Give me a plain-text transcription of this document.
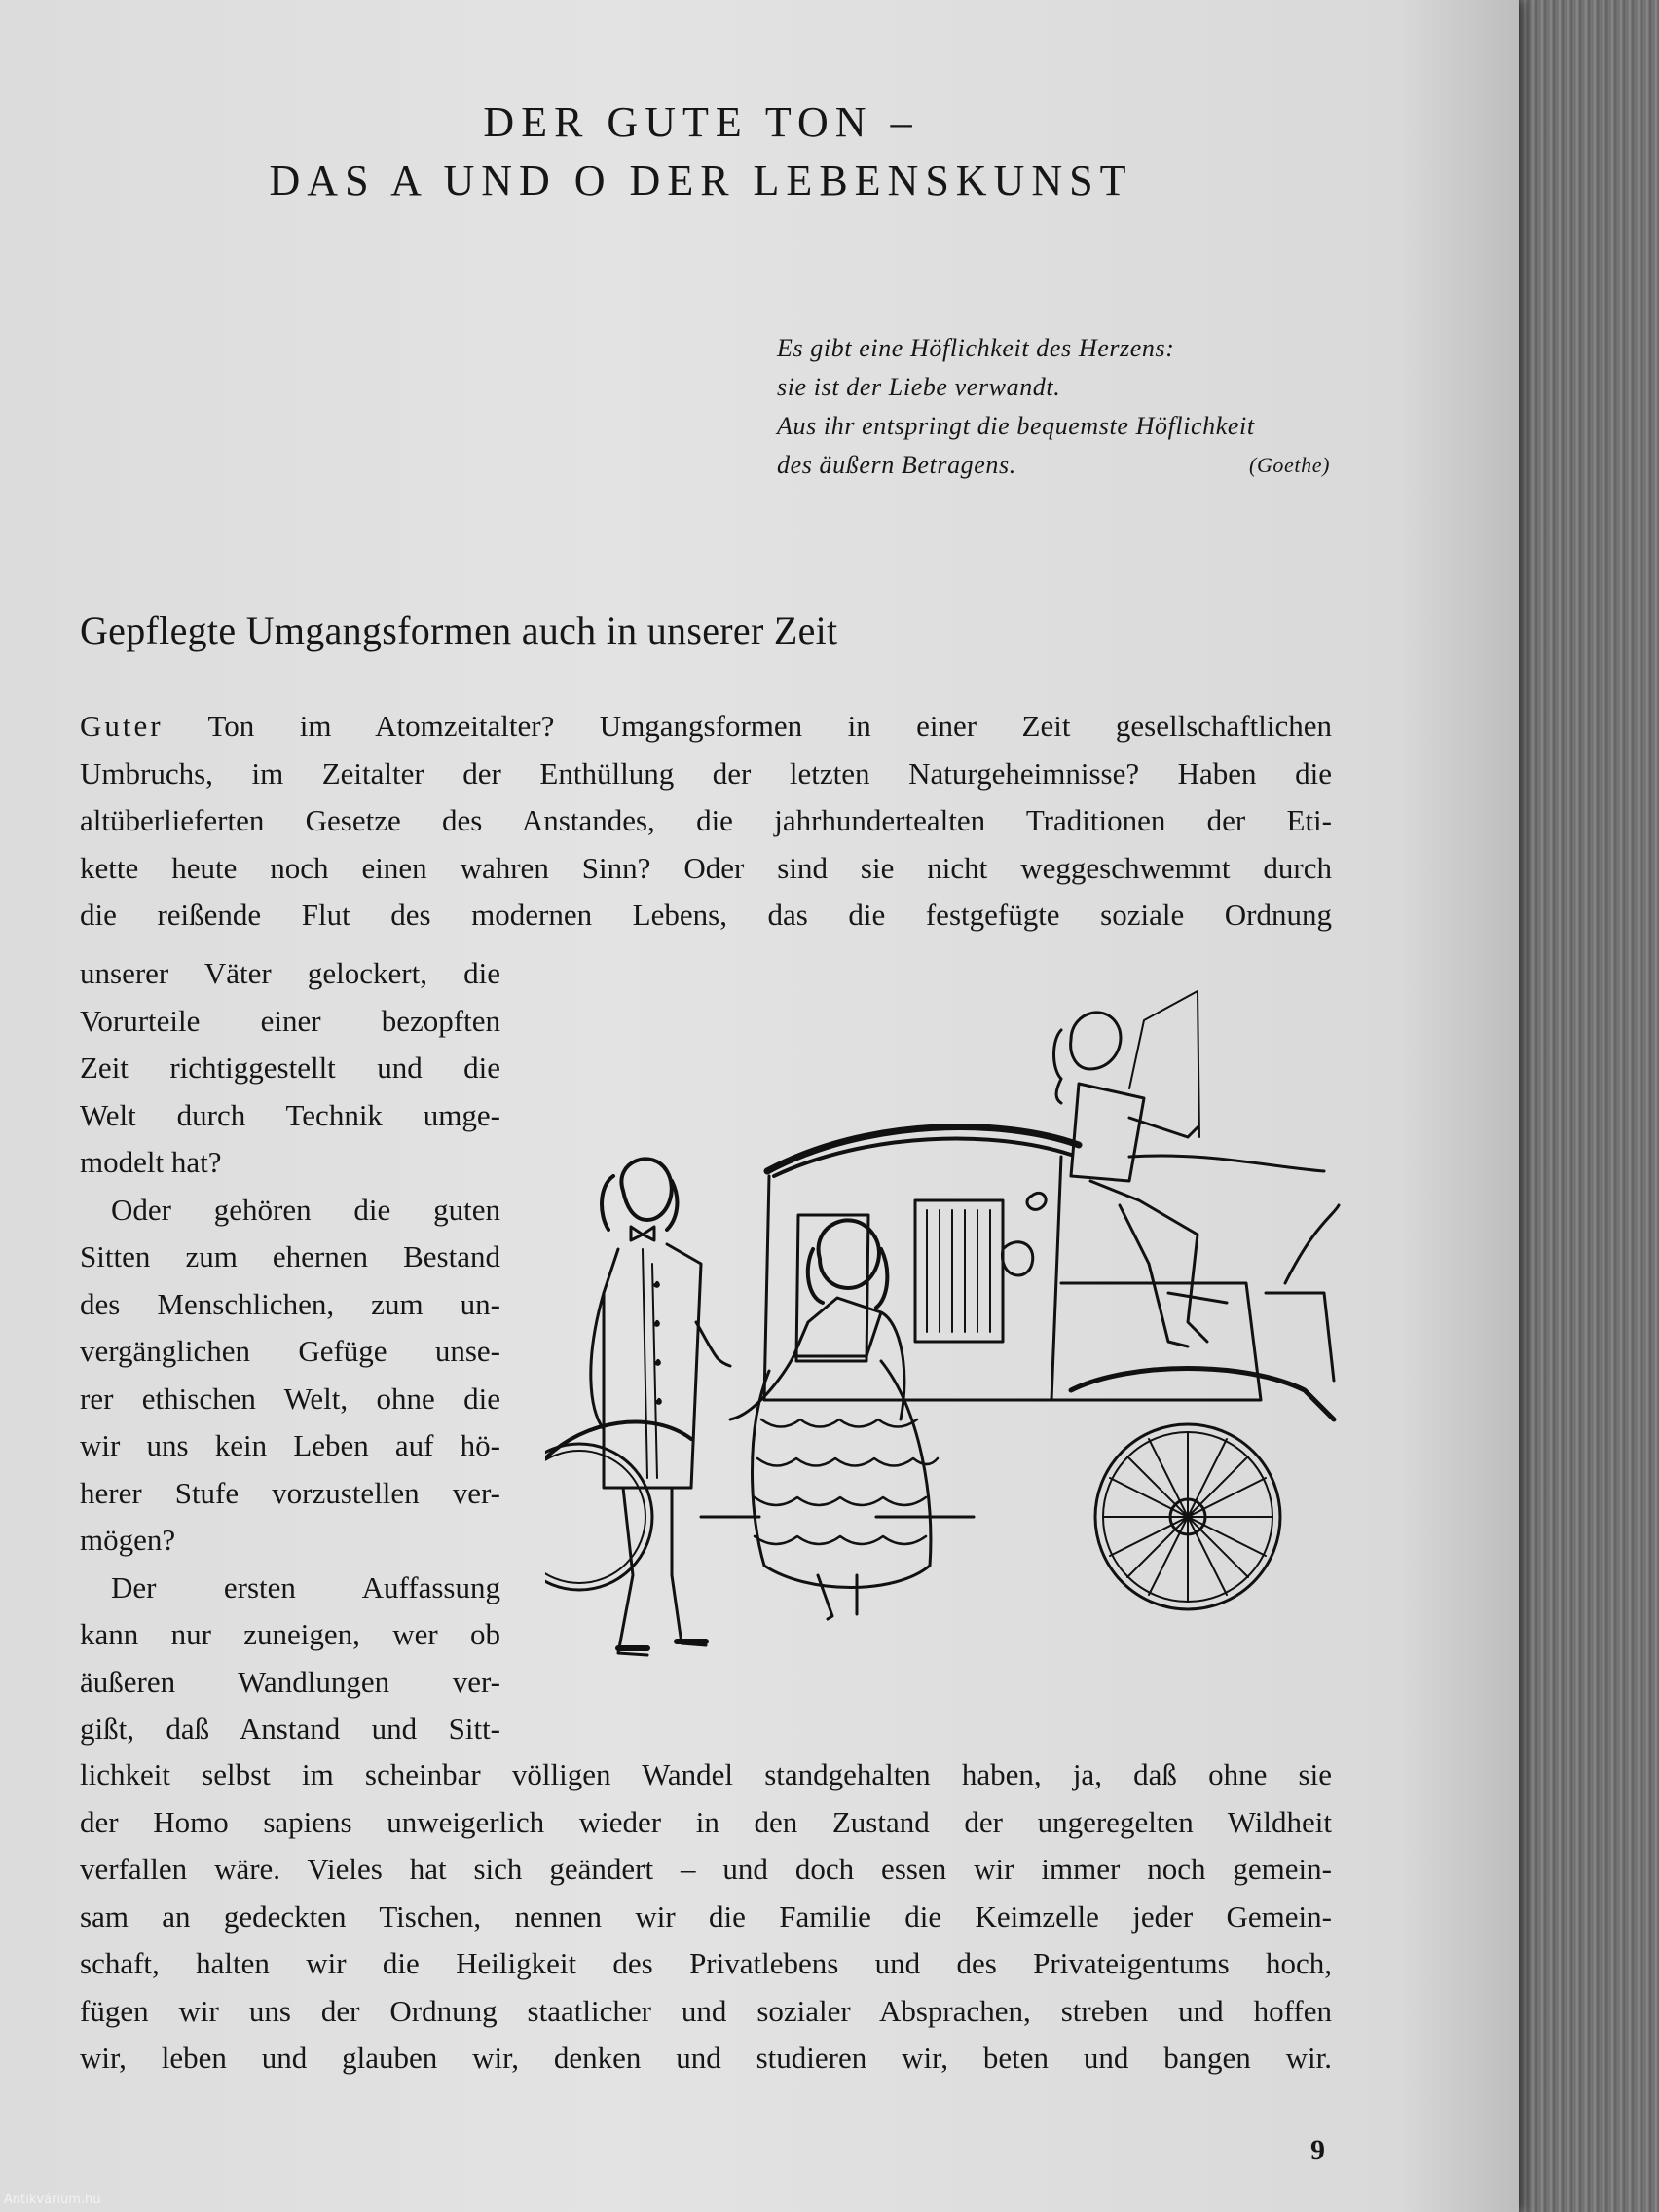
DER GUTE TON –
DAS A UND O DER LEBENSKUNST
Es gibt eine Höflichkeit des Herzens:
sie ist der Liebe verwandt.
Aus ihr entspringt die bequemste Höflichkeit
des äußern Betragens.	(Goethe)
Gepflegte Umgangsformen auch in unserer Zeit

Guter Ton im Atomzeitalter? Umgangsformen in einer Zeit gesellschaftlichen

Umbruchs, im Zeitalter der Enthüllung der letzten Naturgeheimnisse? Haben die

altüberlieferten Gesetze des Anstandes, die jahrhundertealten Traditionen der Eti-

kette heute noch einen wahren Sinn? Oder sind sie nicht weggeschwemmt durch

die reißende Flut des modernen Lebens, das die festgefügte soziale Ordnung

unserer Väter gelockert, die

Vorurteile einer bezopften

Zeit richtiggestellt und die

Welt durch Technik umge-

modelt hat?

Oder gehören die guten

Sitten zum ehernen Bestand

des Menschlichen, zum un-

vergänglichen Gefüge unse-

rer ethischen Welt, ohne die

wir uns kein Leben auf hö-

herer Stufe vorzustellen ver-

mögen?

Der ersten Auffassung

kann nur zuneigen, wer ob

äußeren Wandlungen ver-

gißt, daß Anstand und Sitt-

lichkeit selbst im scheinbar völligen Wandel standgehalten haben, ja, daß ohne sie

der Homo sapiens unweigerlich wieder in den Zustand der ungeregelten Wildheit

verfallen wäre. Vieles hat sich geändert – und doch essen wir immer noch gemein-

sam an gedeckten Tischen, nennen wir die Familie die Keimzelle jeder Gemein-

schaft, halten wir die Heiligkeit des Privatlebens und des Privateigentums hoch,

fügen wir uns der Ordnung staatlicher und sozialer Absprachen, streben und hoffen

wir, leben und glauben wir, denken und studieren wir, beten und bangen wir.

9
Antikvárium.hu
